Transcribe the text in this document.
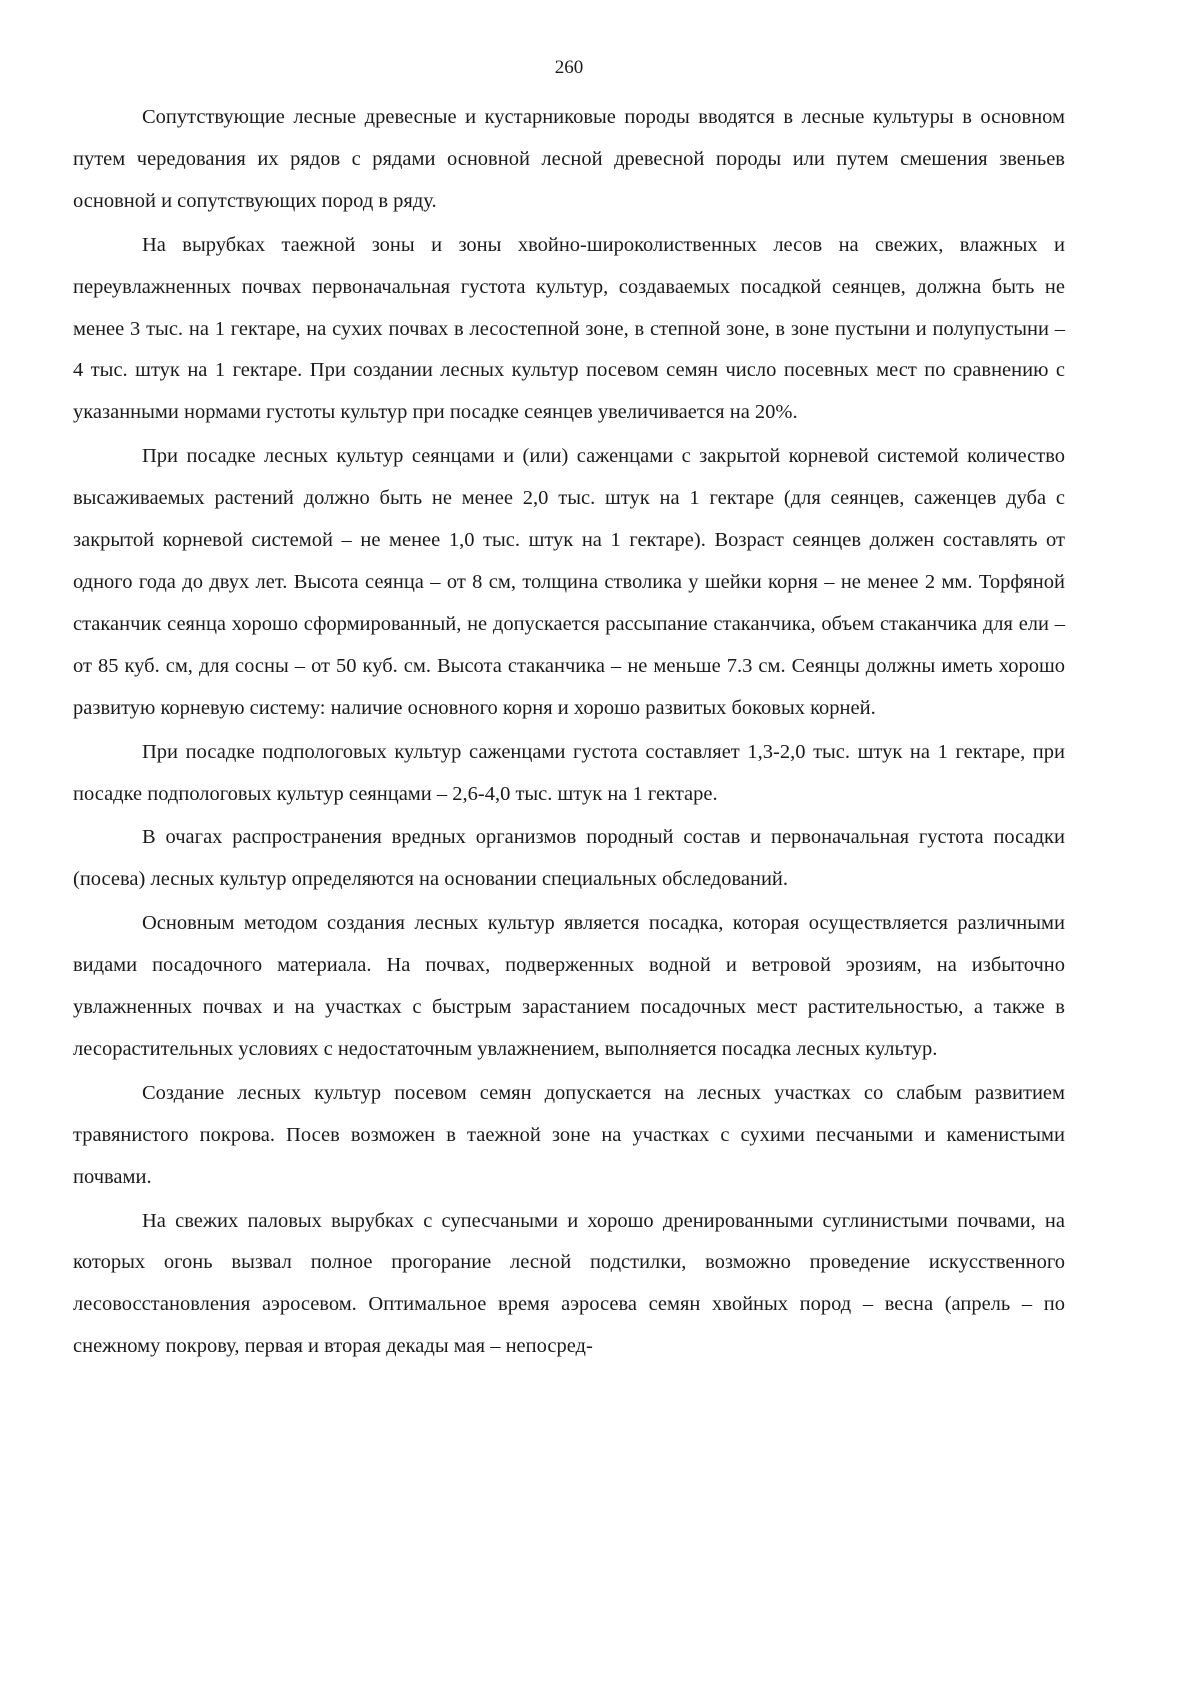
260

Сопутствующие лесные древесные и кустарниковые породы вводятся в лесные культуры в основном путем чередования их рядов с рядами основной лесной древесной породы или путем смешения звеньев основной и сопутствующих пород в ряду.

На вырубках таежной зоны и зоны хвойно-широколиственных лесов на свежих, влажных и переувлажненных почвах первоначальная густота культур, создаваемых посадкой сеянцев, должна быть не менее 3 тыс. на 1 гектаре, на сухих почвах в лесостепной зоне, в степной зоне, в зоне пустыни и полупустыни – 4 тыс. штук на 1 гектаре. При создании лесных культур посевом семян число посевных мест по сравнению с указанными нормами густоты культур при посадке сеянцев увеличивается на 20%.

При посадке лесных культур сеянцами и (или) саженцами с закрытой корневой системой количество высаживаемых растений должно быть не менее 2,0 тыс. штук на 1 гектаре (для сеянцев, саженцев дуба с закрытой корневой системой – не менее 1,0 тыс. штук на 1 гектаре). Возраст сеянцев должен составлять от одного года до двух лет. Высота сеянца – от 8 см, толщина стволика у шейки корня – не менее 2 мм. Торфяной стаканчик сеянца хорошо сформированный, не допускается рассыпание стаканчика, объем стаканчика для ели – от 85 куб. см, для сосны – от 50 куб. см. Высота стаканчика – не меньше 7.3 см. Сеянцы должны иметь хорошо развитую корневую систему: наличие основного корня и хорошо развитых боковых корней.

При посадке подпологовых культур саженцами густота составляет 1,3-2,0 тыс. штук на 1 гектаре, при посадке подпологовых культур сеянцами – 2,6-4,0 тыс. штук на 1 гектаре.

В очагах распространения вредных организмов породный состав и первоначальная густота посадки (посева) лесных культур определяются на основании специальных обследований.

Основным методом создания лесных культур является посадка, которая осуществляется различными видами посадочного материала. На почвах, подверженных водной и ветровой эрозиям, на избыточно увлажненных почвах и на участках с быстрым зарастанием посадочных мест растительностью, а также в лесорастительных условиях с недостаточным увлажнением, выполняется посадка лесных культур.

Создание лесных культур посевом семян допускается на лесных участках со слабым развитием травянистого покрова. Посев возможен в таежной зоне на участках с сухими песчаными и каменистыми почвами.

На свежих паловых вырубках с супесчаными и хорошо дренированными суглинистыми почвами, на которых огонь вызвал полное прогорание лесной подстилки, возможно проведение искусственного лесовосстановления аэросевом. Оптимальное время аэросева семян хвойных пород – весна (апрель – по снежному покрову, первая и вторая декады мая – непосред-
